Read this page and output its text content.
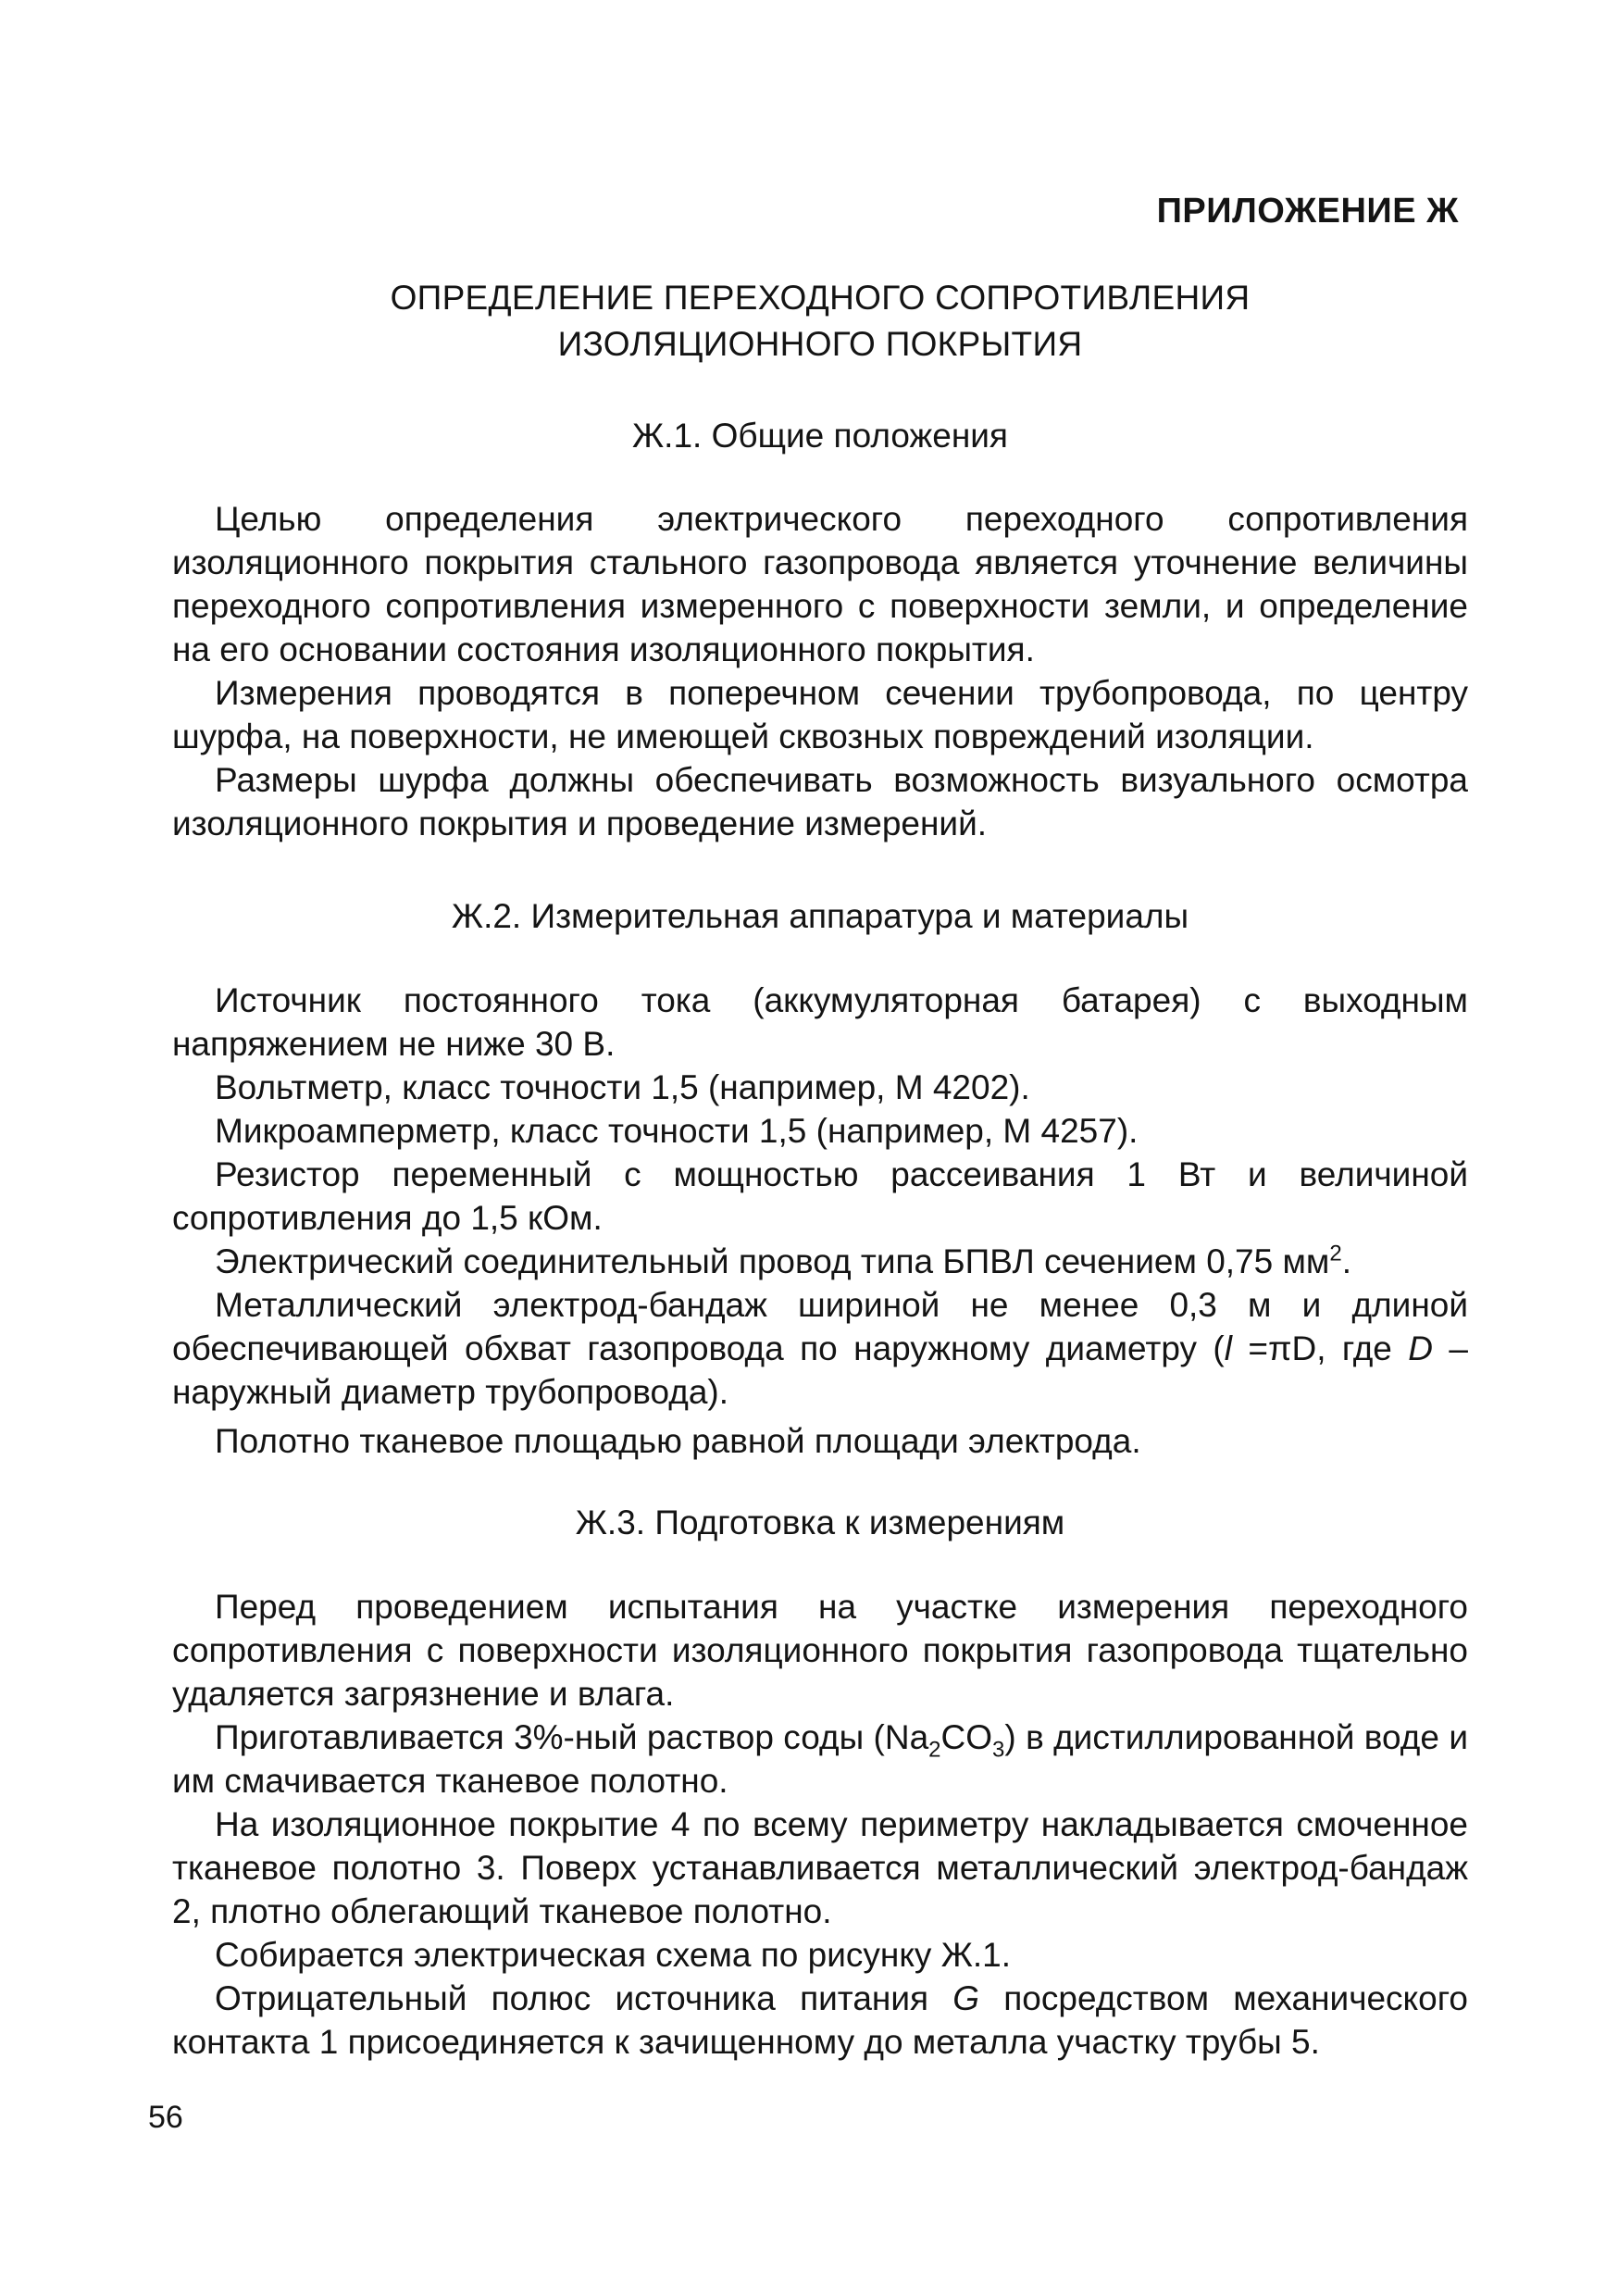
ПРИЛОЖЕНИЕ Ж
ОПРЕДЕЛЕНИЕ ПЕРЕХОДНОГО СОПРОТИВЛЕНИЯ
ИЗОЛЯЦИОННОГО ПОКРЫТИЯ
Ж.1. Общие положения

Целью определения электрического переходного сопротивления изоляционного покрытия стального газопровода является уточнение величины переходного сопротивления измеренного с поверхности земли, и определение на его основании состояния изоляционного покрытия.

Измерения проводятся в поперечном сечении трубопровода, по центру шурфа, на поверхности, не имеющей сквозных повреждений изоляции.

Размеры шурфа должны обеспечивать возможность визуального осмотра изоляционного покрытия и проведение измерений.

Ж.2. Измерительная аппаратура и материалы

Источник постоянного тока (аккумуляторная батарея) с выходным напряжением не ниже 30 В.

Вольтметр, класс точности 1,5 (например, М 4202).

Микроамперметр, класс точности 1,5 (например, М 4257).

Резистор переменный с мощностью рассеивания 1 Вт и величиной сопротивления до 1,5 кОм.

Электрический соединительный провод типа БПВЛ сечением 0,75 $мм^2$.

Металлический электрод-бандаж шириной не менее 0,3 м и длиной обеспечивающей обхват газопровода по наружному диаметру (l =πD, где D – наружный диаметр трубопровода).

Полотно тканевое площадью равной площади электрода.

Ж.3. Подготовка к измерениям

Перед проведением испытания на участке измерения переходного сопротивления с поверхности изоляционного покрытия газопровода тщательно удаляется загрязнение и влага.

Приготавливается 3%-ный раствор соды $(Na_2CO_3)$ в дистиллированной воде и им смачивается тканевое полотно.

На изоляционное покрытие 4 по всему периметру накладывается смоченное тканевое полотно 3. Поверх устанавливается металлический электрод-бандаж 2, плотно облегающий тканевое полотно.

Собирается электрическая схема по рисунку Ж.1.

Отрицательный полюс источника питания G посредством механического контакта 1 присоединяется к зачищенному до металла участку трубы 5.

56
